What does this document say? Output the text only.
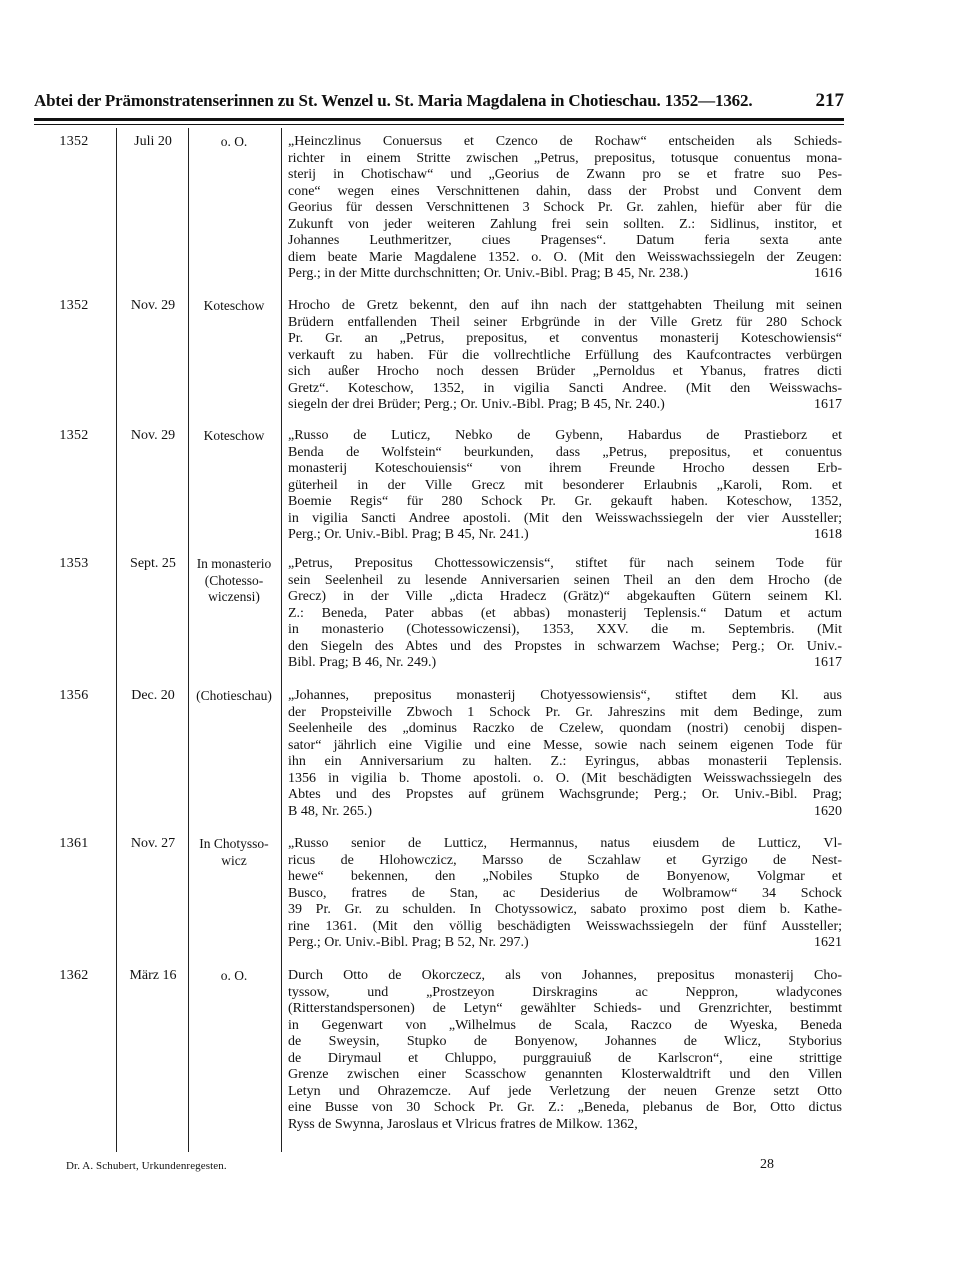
Abtei der Prämonstratenserinnen zu St. Wenzel u. St. Maria Magdalena in Chotieschau. 1352—1362.	217
1352	Juli 20	o. O.	„Heinczlinus Conuersus et Czenco de Rochaw“ entscheiden als Schieds-
richter in einem Stritte zwischen „Petrus, prepositus, totusque conuentus mona-
sterij in Chotischaw“ und „Georius de Zwann pro se et fratre suo Pes-
cone“ wegen eines Verschnittenen dahin, dass der Probst und Convent dem
Georius für dessen Verschnittenen 3 Schock Pr. Gr. zahlen, hiefür aber für die
Zukunft von jeder weiteren Zahlung frei sein sollten. Z.: Sidlinus, institor, et
Johannes Leuthmeritzer, ciues Pragenses“. Datum feria sexta ante
diem beate Marie Magdalene 1352. o. O. (Mit den Weisswachssiegeln der Zeugen:
Perg.; in der Mitte durchschnitten; Or. Univ.-Bibl. Prag; B 45, Nr. 238.)	1616
1352	Nov. 29	Koteschow	Hrocho de Gretz bekennt, den auf ihn nach der stattgehabten Theilung mit seinen
Brüdern entfallenden Theil seiner Erbgründe in der Ville Gretz für 280 Schock
Pr. Gr. an „Petrus, prepositus, et conventus monasterij Koteschowiensis“
verkauft zu haben. Für die vollrechtliche Erfüllung des Kaufcontractes verbürgen
sich außer Hrocho noch dessen Brüder „Pernoldus et Ybanus, fratres dicti
Gretz“. Koteschow, 1352, in vigilia Sancti Andree. (Mit den Weisswachs-
siegeln der drei Brüder; Perg.; Or. Univ.-Bibl. Prag; B 45, Nr. 240.)	1617
1352	Nov. 29	Koteschow	„Russo de Luticz, Nebko de Gybenn, Habardus de Prastieborz et
Benda de Wolfstein“ beurkunden, dass „Petrus, prepositus, et conuentus
monasterij Koteschouiensis“ von ihrem Freunde Hrocho dessen Erb-
güterheil in der Ville Grecz mit besonderer Erlaubnis „Karoli, Rom. et
Boemie Regis“ für 280 Schock Pr. Gr. gekauft haben. Koteschow, 1352,
in vigilia Sancti Andree apostoli. (Mit den Weisswachssiegeln der vier Aussteller;
Perg.; Or. Univ.-Bibl. Prag; B 45, Nr. 241.)	1618
1353	Sept. 25	In monasterio
(Chotesso-
wiczensi)
„Petrus, Prepositus Chottessowiczensis“, stiftet für nach seinem Tode für
sein Seelenheil zu lesende Anniversarien seinen Theil an den dem Hrocho (de
Grecz) in der Ville „dicta Hradecz (Grätz)“ abgekauften Gütern seinem Kl.
Z.: Beneda, Pater abbas (et abbas) monasterij Teplensis.“ Datum et actum
in monasterio (Chotessowiczensi), 1353, XXV. die m. Septembris. (Mit
den Siegeln des Abtes und des Propstes in schwarzem Wachse; Perg.; Or. Univ.-
Bibl. Prag; B 46, Nr. 249.)	1617
1356	Dec. 20	(Chotieschau)	„Johannes, prepositus monasterij Chotyessowiensis“, stiftet dem Kl. aus
der Propsteiville Zbwoch 1 Schock Pr. Gr. Jahreszins mit dem Bedinge, zum
Seelenheile des „dominus Raczko de Czelew, quondam (nostri) cenobij dispen-
sator“ jährlich eine Vigilie und eine Messe, sowie nach seinem eigenen Tode für
ihn ein Anniversarium zu halten. Z.: Eyringus, abbas monasterii Teplensis.
1356 in vigilia b. Thome apostoli. o. O. (Mit beschädigten Weisswachssiegeln des
Abtes und des Propstes auf grünem Wachsgrunde; Perg.; Or. Univ.-Bibl. Prag;
B 48, Nr. 265.)	1620
1361	Nov. 27	In Chotysso-
wicz
„Russo senior de Lutticz, Hermannus, natus eiusdem de Lutticz, Vl-
ricus de Hlohowczicz, Marsso de Sczahlaw et Gyrzigo de Nest-
hewe“ bekennen, den „Nobiles Stupko de Bonyenow, Volgmar et
Busco, fratres de Stan, ac Desiderius de Wolbramow“ 34 Schock
39 Pr. Gr. zu schulden. In Chotyssowicz, sabato proximo post diem b. Kathe-
rine 1361. (Mit den völlig beschädigten Weisswachssiegeln der fünf Aussteller;
Perg.; Or. Univ.-Bibl. Prag; B 52, Nr. 297.)	1621
1362	März 16	o. O.	Durch Otto de Okorczecz, als von Johannes, prepositus monasterij Cho-
tyssow, und „Prostzeyon Dirskragins ac Neppron, wladycones
(Ritterstandspersonen) de Letyn“ gewählter Schieds- und Grenzrichter, bestimmt
in Gegenwart von „Wilhelmus de Scala, Raczco de Wyeska, Beneda
de Sweysin, Stupko de Bonyenow, Johannes de Wlicz, Styborius
de Dirymaul et Chluppo, purggrauiuß de Karlscron“, eine strittige
Grenze zwischen einer Scasschow genannten Klosterwaldtrift und den Villen
Letyn und Ohrazemcze. Auf jede Verletzung der neuen Grenze setzt Otto
eine Busse von 30 Schock Pr. Gr. Z.: „Beneda, plebanus de Bor, Otto dictus
Ryss de Swynna, Jaroslaus et Vlricus fratres de Milkow. 1362,
Dr. A. Schubert, Urkundenregesten.	28
